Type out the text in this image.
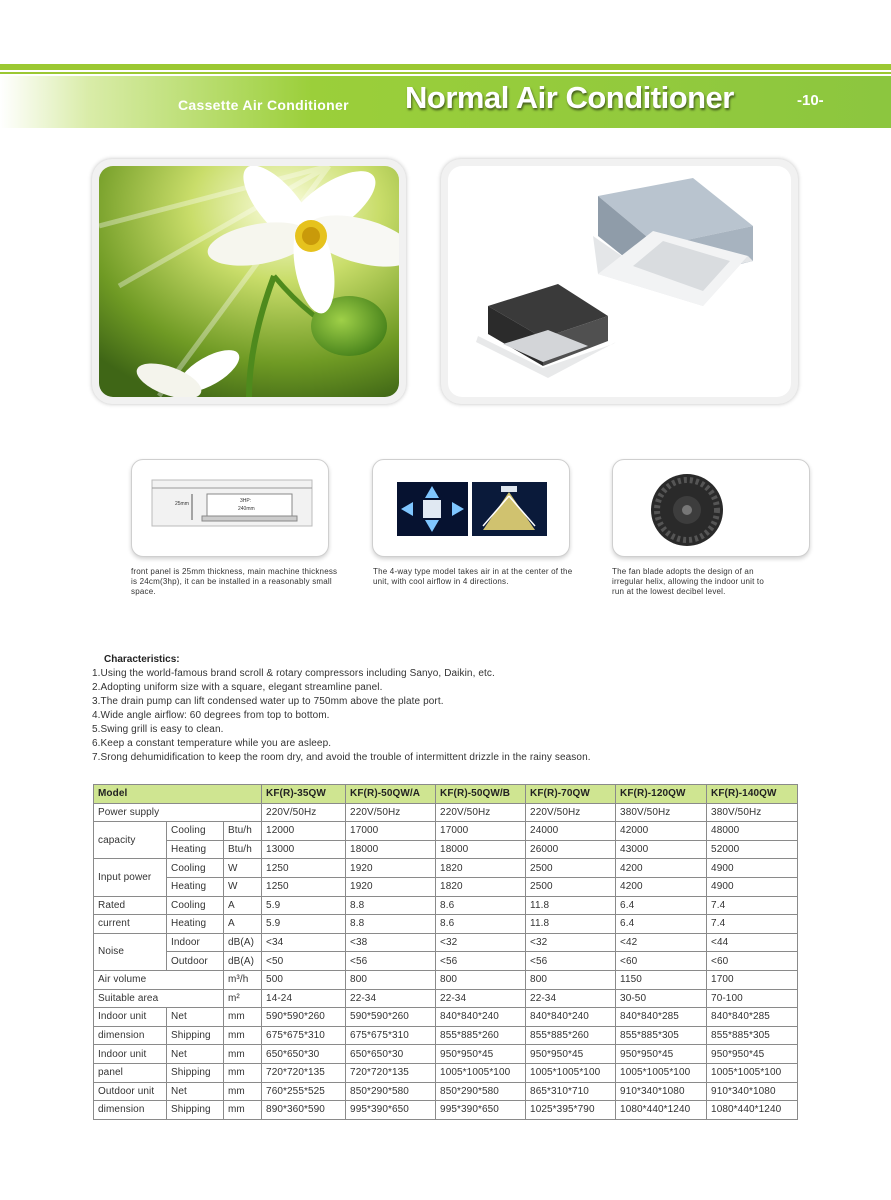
Cassette Air Conditioner Normal Air Conditioner	-10-
25mm	3HP:
240mm
front panel is 25mm thickness, main machine thickness is 24cm(3hp), it can be installed in a reasonably small space.
The 4-way type model takes air in at the center of the unit, with cool airflow in 4 directions.
The fan blade adopts the design of an irregular helix, allowing the indoor unit to run at the lowest decibel level.
Characteristics:
1.Using the world-famous brand scroll & rotary compressors including Sanyo, Daikin, etc.
2.Adopting uniform size with a square, elegant streamline panel.
3.The drain pump can lift condensed water up to 750mm above the plate port.
4.Wide angle airflow: 60 degrees from top to bottom.
5.Swing grill is easy to clean.
6.Keep a constant temperature while you are asleep.
7.Srong dehumidification to keep the room dry, and avoid the trouble of intermittent drizzle in the rainy season.
Model			KF(R)-35QW	KF(R)-50QW/A	KF(R)-50QW/B	KF(R)-70QW	KF(R)-120QW	KF(R)-140QW
Power supply			220V/50Hz	220V/50Hz	220V/50Hz	220V/50Hz	380V/50Hz	380V/50Hz
capacity	Cooling	Btu/h	12000	17000	17000	24000	42000	48000
	Heating	Btu/h	13000	18000	18000	26000	43000	52000
Input power	Cooling	W	1250	1920	1820	2500	4200	4900
	Heating	W	1250	1920	1820	2500	4200	4900
Rated	Cooling	A	5.9	8.8	8.6	11.8	6.4	7.4
current	Heating	A	5.9	8.8	8.6	11.8	6.4	7.4
Noise	Indoor	dB(A)	<34	<38	<32	<32	<42	<44
	Outdoor	dB(A)	<50	<56	<56	<56	<60	<60
Air volume		m³/h	500	800	800	800	1150	1700
Suitable area		m²	14-24	22-34	22-34	22-34	30-50	70-100
Indoor unit	Net	mm	590*590*260	590*590*260	840*840*240	840*840*240	840*840*285	840*840*285
dimension	Shipping	mm	675*675*310	675*675*310	855*885*260	855*885*260	855*885*305	855*885*305
Indoor unit	Net	mm	650*650*30	650*650*30	950*950*45	950*950*45	950*950*45	950*950*45
panel	Shipping	mm	720*720*135	720*720*135	1005*1005*100	1005*1005*100	1005*1005*100	1005*1005*100
Outdoor unit	Net	mm	760*255*525	850*290*580	850*290*580	865*310*710	910*340*1080	910*340*1080
dimension	Shipping	mm	890*360*590	995*390*650	995*390*650	1025*395*790	1080*440*1240	1080*440*1240
